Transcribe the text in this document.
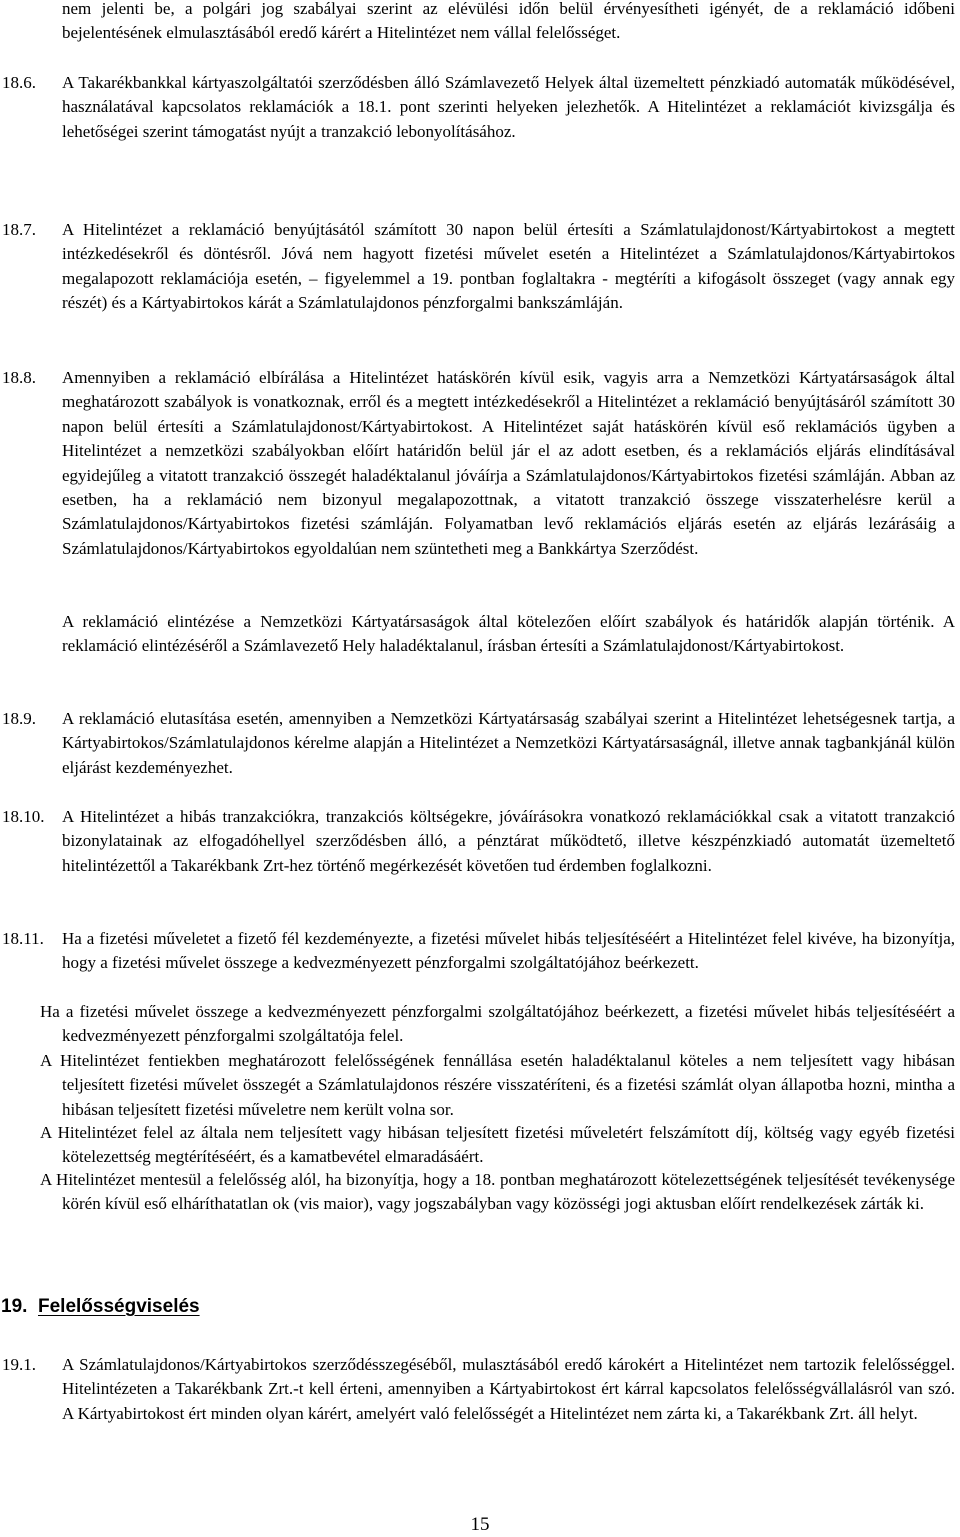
nem jelenti be, a polgári jog szabályai szerint az elévülési időn belül érvényesítheti igényét, de a reklamáció időbeni bejelentésének elmulasztásából eredő kárért a Hitelintézet nem vállal felelősséget.
18.6. A Takarékbankkal kártyaszolgáltatói szerződésben álló Számlavezető Helyek által üzemeltett pénzkiadó automaták működésével, használatával kapcsolatos reklamációk a 18.1. pont szerinti helyeken jelezhetők. A Hitelintézet a reklamációt kivizsgálja és lehetőségei szerint támogatást nyújt a tranzakció lebonyolításához.
18.7. A Hitelintézet a reklamáció benyújtásától számított 30 napon belül értesíti a Számlatulajdonost/Kártyabirtokost a megtett intézkedésekről és döntésről. Jóvá nem hagyott fizetési művelet esetén a Hitelintézet a Számlatulajdonos/Kártyabirtokos megalapozott reklamációja esetén, – figyelemmel a 19. pontban foglaltakra - megtéríti a kifogásolt összeget (vagy annak egy részét) és a Kártyabirtokos kárát a Számlatulajdonos pénzforgalmi bankszámláján.
18.8. Amennyiben a reklamáció elbírálása a Hitelintézet hatáskörén kívül esik, vagyis arra a Nemzetközi Kártyatársaságok által meghatározott szabályok is vonatkoznak, erről és a megtett intézkedésekről a Hitelintézet a reklamáció benyújtásáról számított 30 napon belül értesíti a Számlatulajdonost/Kártyabirtokost. A Hitelintézet saját hatáskörén kívül eső reklamációs ügyben a Hitelintézet a nemzetközi szabályokban előírt határidőn belül jár el az adott esetben, és a reklamációs eljárás elindításával egyidejűleg a vitatott tranzakció összegét haladéktalanul jóváírja a Számlatulajdonos/Kártyabirtokos fizetési számláján. Abban az esetben, ha a reklamáció nem bizonyul megalapozottnak, a vitatott tranzakció összege visszaterhelésre kerül a Számlatulajdonos/Kártyabirtokos fizetési számláján. Folyamatban levő reklamációs eljárás esetén az eljárás lezárásáig a Számlatulajdonos/Kártyabirtokos egyoldalúan nem szüntetheti meg a Bankkártya Szerződést.
A reklamáció elintézése a Nemzetközi Kártyatársaságok által kötelezően előírt szabályok és határidők alapján történik. A reklamáció elintézéséről a Számlavezető Hely haladéktalanul, írásban értesíti a Számlatulajdonost/Kártyabirtokost.
18.9. A reklamáció elutasítása esetén, amennyiben a Nemzetközi Kártyatársaság szabályai szerint a Hitelintézet lehetségesnek tartja, a Kártyabirtokos/Számlatulajdonos kérelme alapján a Hitelintézet a Nemzetközi Kártyatársaságnál, illetve annak tagbankjánál külön eljárást kezdeményezhet.
18.10. A Hitelintézet a hibás tranzakciókra, tranzakciós költségekre, jóváírásokra vonatkozó reklamációkkal csak a vitatott tranzakció bizonylatainak az elfogadóhellyel szerződésben álló, a pénztárat működtető, illetve készpénzkiadó automatát üzemeltető hitelintézettől a Takarékbank Zrt-hez történő megérkezését követően tud érdemben foglalkozni.
18.11. Ha a fizetési műveletet a fizető fél kezdeményezte, a fizetési művelet hibás teljesítéséért a Hitelintézet felel kivéve, ha bizonyítja, hogy a fizetési művelet összege a kedvezményezett pénzforgalmi szolgáltatójához beérkezett.
Ha a fizetési művelet összege a kedvezményezett pénzforgalmi szolgáltatójához beérkezett, a fizetési művelet hibás teljesítéséért a kedvezményezett pénzforgalmi szolgáltatója felel.
A Hitelintézet fentiekben meghatározott felelősségének fennállása esetén haladéktalanul köteles a nem teljesített vagy hibásan teljesített fizetési művelet összegét a Számlatulajdonos részére visszatéríteni, és a fizetési számlát olyan állapotba hozni, mintha a hibásan teljesített fizetési műveletre nem került volna sor.
A Hitelintézet felel az általa nem teljesített vagy hibásan teljesített fizetési műveletért felszámított díj, költség vagy egyéb fizetési kötelezettség megtérítéséért, és a kamatbevétel elmaradásáért.
A Hitelintézet mentesül a felelősség alól, ha bizonyítja, hogy a 18. pontban meghatározott kötelezettségének teljesítését tevékenysége körén kívül eső elháríthatatlan ok (vis maior), vagy jogszabályban vagy közösségi jogi aktusban előírt rendelkezések zárták ki.
19. Felelősségviselés
19.1. A Számlatulajdonos/Kártyabirtokos szerződésszegéséből, mulasztásából eredő károkért a Hitelintézet nem tartozik felelősséggel. Hitelintézeten a Takarékbank Zrt.-t kell érteni, amennyiben a Kártyabirtokost ért kárral kapcsolatos felelősségvállalásról van szó. A Kártyabirtokost ért minden olyan kárért, amelyért való felelősségét a Hitelintézet nem zárta ki, a Takarékbank Zrt. áll helyt.
15
